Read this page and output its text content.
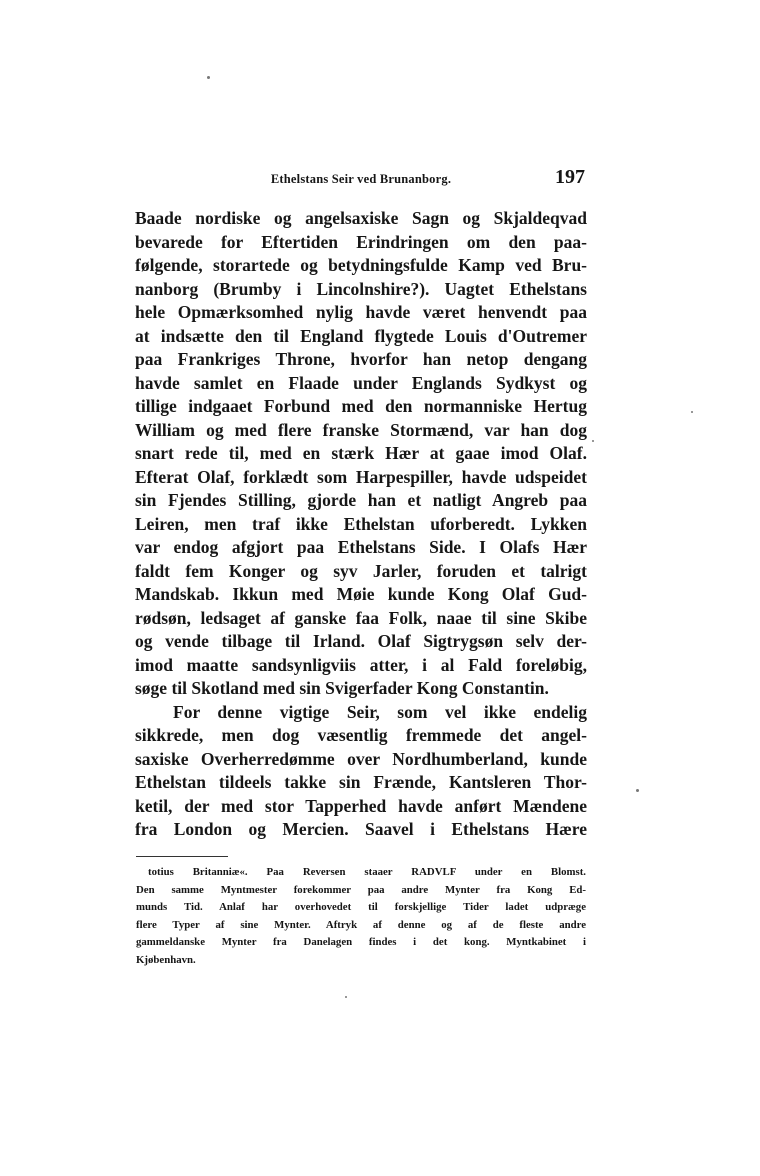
Ethelstans Seir ved Brunanborg.	197
Baade nordiske og angelsaxiske Sagn og Skjaldeqvad
bevarede for Eftertiden Erindringen om den paa-
følgende, storartede og betydningsfulde Kamp ved Bru-
nanborg (Brumby i Lincolnshire?). Uagtet Ethelstans
hele Opmærksomhed nylig havde været henvendt paa
at indsætte den til England flygtede Louis d'Outremer
paa Frankriges Throne, hvorfor han netop dengang
havde samlet en Flaade under Englands Sydkyst og
tillige indgaaet Forbund med den normanniske Hertug
William og med flere franske Stormænd, var han dog
snart rede til, med en stærk Hær at gaae imod Olaf.
Efterat Olaf, forklædt som Harpespiller, havde udspeidet
sin Fjendes Stilling, gjorde han et natligt Angreb paa
Leiren, men traf ikke Ethelstan uforberedt. Lykken
var endog afgjort paa Ethelstans Side. I Olafs Hær
faldt fem Konger og syv Jarler, foruden et talrigt
Mandskab. Ikkun med Møie kunde Kong Olaf Gud-
rødsøn, ledsaget af ganske faa Folk, naae til sine Skibe
og vende tilbage til Irland. Olaf Sigtrygsøn selv der-
imod maatte sandsynligviis atter, i al Fald foreløbig,
søge til Skotland med sin Svigerfader Kong Constantin.
For denne vigtige Seir, som vel ikke endelig
sikkrede, men dog væsentlig fremmede det angel-
saxiske Overherredømme over Nordhumberland, kunde
Ethelstan tildeels takke sin Frænde, Kantsleren Thor-
ketil, der med stor Tapperhed havde anført Mændene
fra London og Mercien. Saavel i Ethelstans Hære
totius Britanniæ«. Paa Reversen staaer RADVLF under en Blomst.
Den samme Myntmester forekommer paa andre Mynter fra Kong Ed-
munds Tid. Anlaf har overhovedet til forskjellige Tider ladet udpræge
flere Typer af sine Mynter. Aftryk af denne og af de fleste andre
gammeldanske Mynter fra Danelagen findes i det kong. Myntkabinet i
Kjøbenhavn.
